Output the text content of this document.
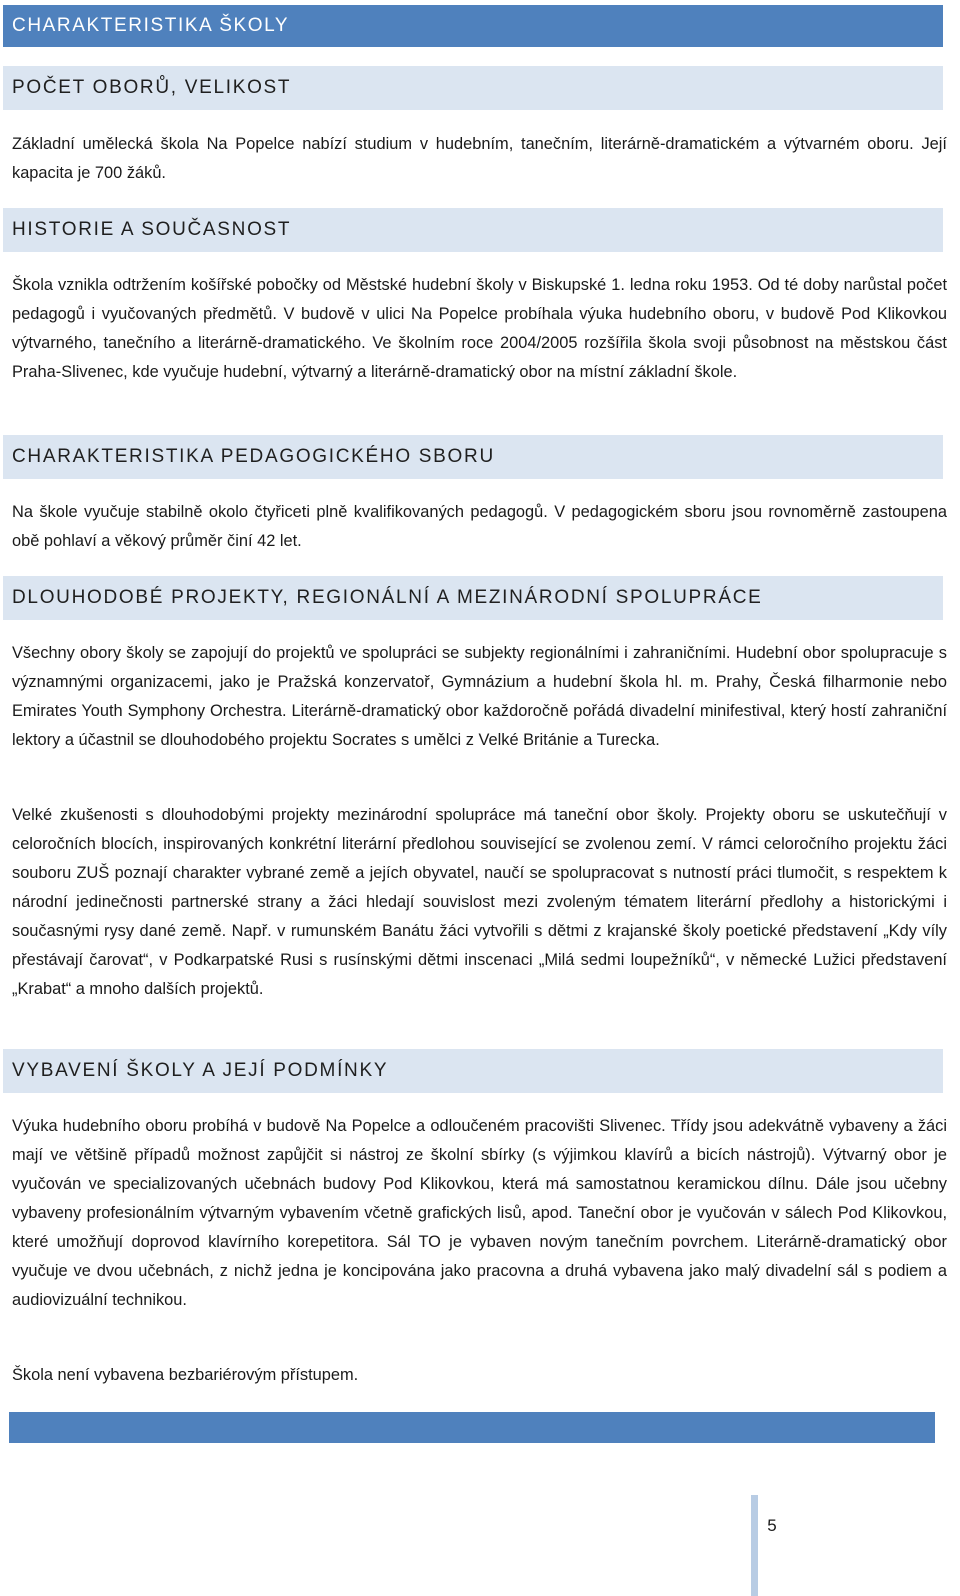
CHARAKTERISTIKA ŠKOLY
POČET OBORŮ, VELIKOST

Základní umělecká škola Na Popelce nabízí studium v hudebním, tanečním, literárně-dramatickém a výtvarném oboru. Její kapacita je 700 žáků.

HISTORIE A SOUČASNOST

Škola vznikla odtržením košířské pobočky od Městské hudební školy v Biskupské 1. ledna roku 1953. Od té doby narůstal počet pedagogů i vyučovaných předmětů. V budově v ulici Na Popelce probíhala výuka hudebního oboru, v budově Pod Klikovkou výtvarného, tanečního a literárně-dramatického. Ve školním roce 2004/2005 rozšířila škola svoji působnost na městskou část Praha-Slivenec, kde vyučuje hudební, výtvarný a literárně-dramatický obor na místní základní škole.

CHARAKTERISTIKA PEDAGOGICKÉHO SBORU

Na škole vyučuje stabilně okolo čtyřiceti plně kvalifikovaných pedagogů. V pedagogickém sboru jsou rovnoměrně zastoupena obě pohlaví a věkový průměr činí 42 let.

DLOUHODOBÉ PROJEKTY, REGIONÁLNÍ A MEZINÁRODNÍ SPOLUPRÁCE

Všechny obory školy se zapojují do projektů ve spolupráci se subjekty regionálními i zahraničními. Hudební obor spolupracuje s významnými organizacemi, jako je Pražská konzervatoř, Gymnázium a hudební škola hl. m. Prahy, Česká filharmonie nebo Emirates Youth Symphony Orchestra. Literárně-dramatický obor každoročně pořádá divadelní minifestival, který hostí zahraniční lektory a účastnil se dlouhodobého projektu Socrates s umělci z Velké Británie a Turecka.

Velké zkušenosti s dlouhodobými projekty mezinárodní spolupráce má taneční obor školy. Projekty oboru se uskutečňují v celoročních blocích, inspirovaných konkrétní literární předlohou související se zvolenou zemí. V rámci celoročního projektu žáci souboru ZUŠ poznají charakter vybrané země a jejích obyvatel, naučí se spolupracovat s nutností práci tlumočit, s respektem k národní jedinečnosti partnerské strany a žáci hledají souvislost mezi zvoleným tématem literární předlohy a historickými i současnými rysy dané země. Např. v rumunském Banátu žáci vytvořili s dětmi z krajanské školy poetické představení „Kdy víly přestávají čarovat“, v Podkarpatské Rusi s rusínskými dětmi inscenaci „Milá sedmi loupežníků“, v německé Lužici představení „Krabat“ a mnoho dalších projektů.

VYBAVENÍ ŠKOLY A JEJÍ PODMÍNKY

Výuka hudebního oboru probíhá v budově Na Popelce a odloučeném pracovišti Slivenec. Třídy jsou adekvátně vybaveny a žáci mají ve většině případů možnost zapůjčit si nástroj ze školní sbírky (s výjimkou klavírů a bicích nástrojů). Výtvarný obor je vyučován ve specializovaných učebnách budovy Pod Klikovkou, která má samostatnou keramickou dílnu. Dále jsou učebny vybaveny profesionálním výtvarným vybavením včetně grafických lisů, apod. Taneční obor je vyučován v sálech Pod Klikovkou, které umožňují doprovod klavírního korepetitora. Sál TO je vybaven novým tanečním povrchem. Literárně-dramatický obor vyučuje ve dvou učebnách, z nichž jedna je koncipována jako pracovna a druhá vybavena jako malý divadelní sál s podiem a audiovizuální technikou.

Škola není vybavena bezbariérovým přístupem.

5
